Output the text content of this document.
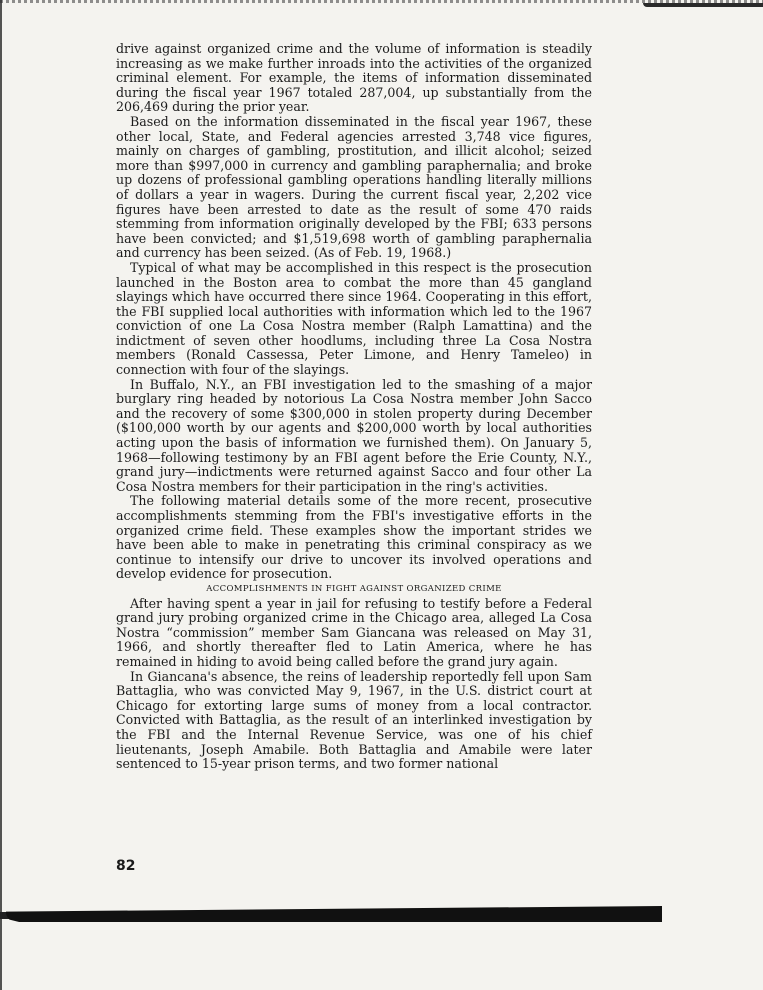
drive against organized crime and the volume of information is steadily increasing as we make further inroads into the activities of the organized criminal element. For example, the items of information disseminated during the fiscal year 1967 totaled 287,004, up substantially from the 206,469 during the prior year.

Based on the information disseminated in the fiscal year 1967, these other local, State, and Federal agencies arrested 3,748 vice figures, mainly on charges of gambling, prostitution, and illicit alcohol; seized more than $997,000 in currency and gambling paraphernalia; and broke up dozens of professional gambling operations handling literally millions of dollars a year in wagers. During the current fiscal year, 2,202 vice figures have been arrested to date as the result of some 470 raids stemming from information originally developed by the FBI; 633 persons have been convicted; and $1,519,698 worth of gambling paraphernalia and currency has been seized. (As of Feb. 19, 1968.)

Typical of what may be accomplished in this respect is the prosecution launched in the Boston area to combat the more than 45 gangland slayings which have occurred there since 1964. Cooperating in this effort, the FBI supplied local authorities with information which led to the 1967 conviction of one La Cosa Nostra member (Ralph Lamattina) and the indictment of seven other hoodlums, including three La Cosa Nostra members (Ronald Cassessa, Peter Limone, and Henry Tameleo) in connection with four of the slayings.

In Buffalo, N.Y., an FBI investigation led to the smashing of a major burglary ring headed by notorious La Cosa Nostra member John Sacco and the recovery of some $300,000 in stolen property during December ($100,000 worth by our agents and $200,000 worth by local authorities acting upon the basis of information we furnished them). On January 5, 1968—following testimony by an FBI agent before the Erie County, N.Y., grand jury—indictments were returned against Sacco and four other La Cosa Nostra members for their participation in the ring's activities.

The following material details some of the more recent, prosecutive accomplishments stemming from the FBI's investigative efforts in the organized crime field. These examples show the important strides we have been able to make in penetrating this criminal conspiracy as we continue to intensify our drive to uncover its involved operations and develop evidence for prosecution.

ACCOMPLISHMENTS IN FIGHT AGAINST ORGANIZED CRIME

After having spent a year in jail for refusing to testify before a Federal grand jury probing organized crime in the Chicago area, alleged La Cosa Nostra “commission” member Sam Giancana was released on May 31, 1966, and shortly thereafter fled to Latin America, where he has remained in hiding to avoid being called before the grand jury again.

In Giancana's absence, the reins of leadership reportedly fell upon Sam Battaglia, who was convicted May 9, 1967, in the U.S. district court at Chicago for extorting large sums of money from a local contractor. Convicted with Battaglia, as the result of an interlinked investigation by the FBI and the Internal Revenue Service, was one of his chief lieutenants, Joseph Amabile. Both Battaglia and Amabile were later sentenced to 15-year prison terms, and two former national

82
